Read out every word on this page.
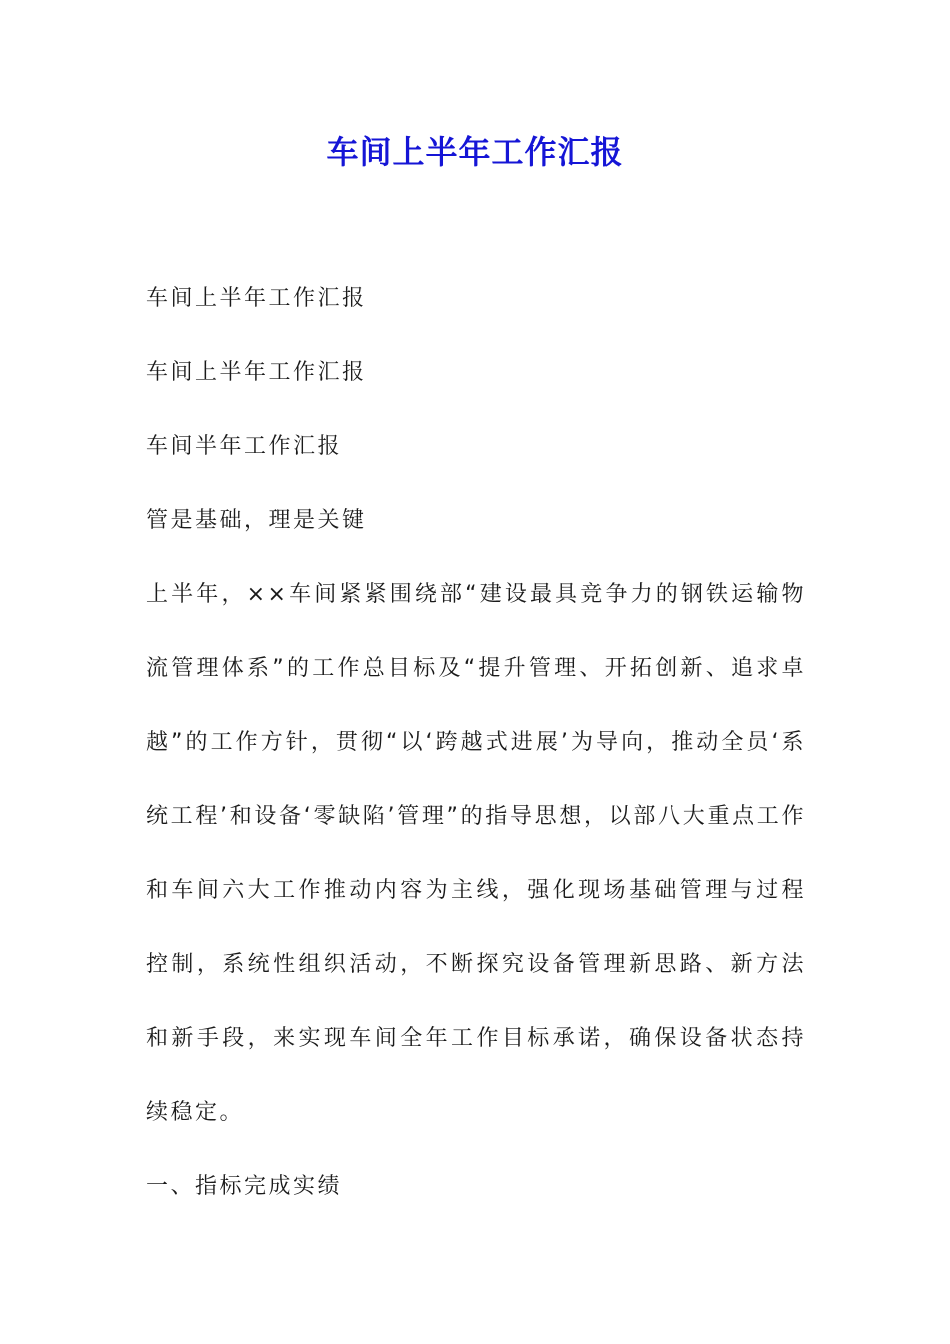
车间上半年工作汇报

车间上半年工作汇报

车间上半年工作汇报

车间半年工作汇报

管是基础，理是关键

上半年，××车间紧紧围绕部“建设最具竞争力的钢铁运输物流管理体系”的工作总目标及“提升管理、开拓创新、追求卓越”的工作方针，贯彻“以‘跨越式进展’为导向，推动全员‘系统工程’和设备‘零缺陷’管理”的指导思想，以部八大重点工作和车间六大工作推动内容为主线，强化现场基础管理与过程控制，系统性组织活动，不断探究设备管理新思路、新方法和新手段，来实现车间全年工作目标承诺，确保设备状态持续稳定。

一、指标完成实绩
